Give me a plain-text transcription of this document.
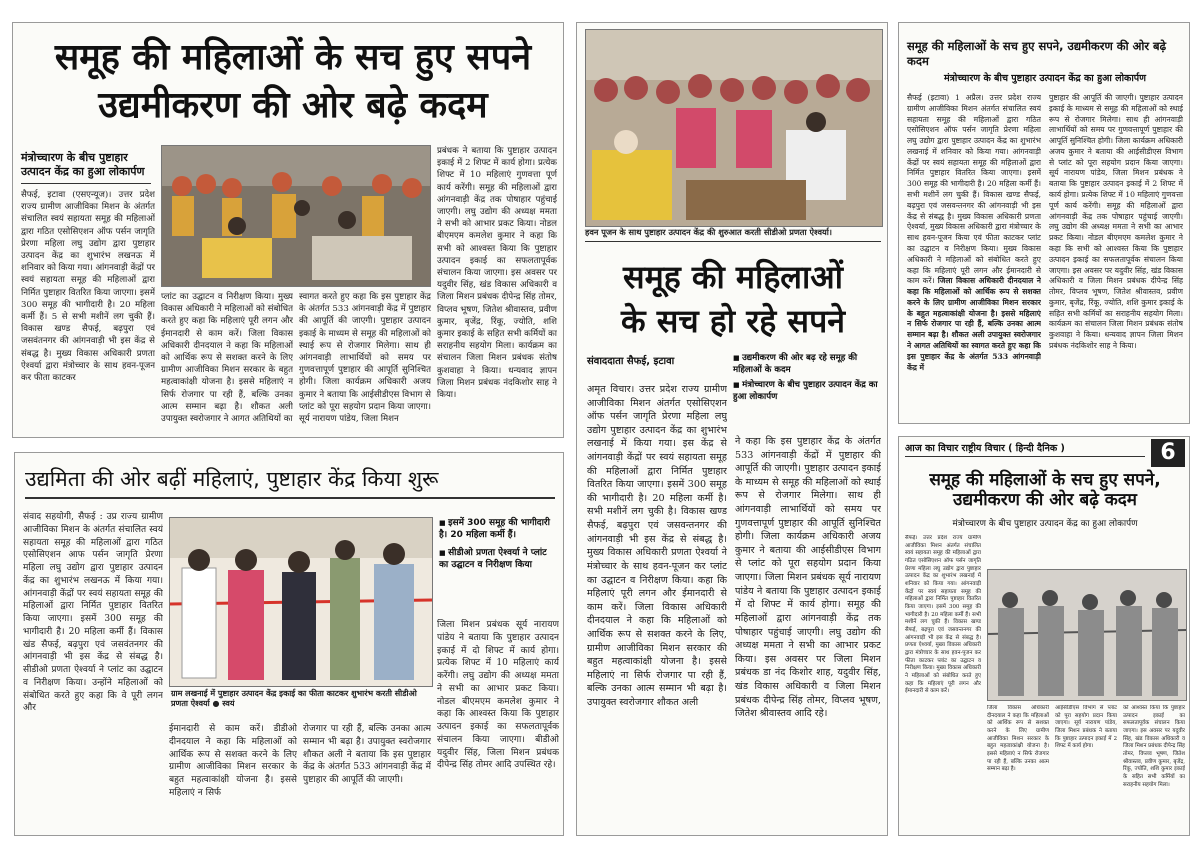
समूह की महिलाओं के सच हुए सपने
उद्यमीकरण की ओर बढ़े कदम
मंत्रोच्चारण के बीच पुष्टाहार उत्पादन केंद्र का हुआ लोकार्पण
सैफई, इटावा (एसएन्यूज)। उत्तर प्रदेश राज्य ग्रामीण आजीविका मिशन के अंतर्गत संचालित स्वयं सहायता समूह की महिलाओं द्वारा गठित एसोसिएशन ऑफ पर्सन जागृति प्रेरणा महिला लघु उद्योग द्वारा पुष्टाहार उत्पादन केंद्र का शुभारंभ लखनऊ में शनिवार को किया गया। आंगनवाड़ी केंद्रों पर स्वयं सहायता समूह की महिलाओं द्वारा निर्मित पुष्टाहार वितरित किया जाएगा। इसमें 300 समूह की भागीदारी है। 20 महिला कर्मी हैं। 5 से सभी मशीनें लग चुकी हैं। विकास खण्ड सैफई, बढ़पुरा एवं जसवंतनगर की आंगनवाड़ी भी इस केंद्र से संबद्ध है। मुख्य विकास अधिकारी प्रणता ऐश्वर्या द्वारा मंत्रोच्चार के साथ हवन-पूजन कर फीता काटकर
प्लांट का उद्घाटन व निरीक्षण किया। मुख्य विकास अधिकारी ने महिलाओं को संबोधित करते हुए कहा कि महिलाएं पूरी लगन और ईमानदारी से काम करें। जिला विकास अधिकारी दीनदयाल ने कहा कि महिलाओं को आर्थिक रूप से सशक्त करने के लिए ग्रामीण आजीविका मिशन सरकार के बहुत महत्वाकांक्षी योजना है। इससे महिलाएं न सिर्फ रोजगार पा रही हैं, बल्कि उनका आत्म सम्मान बढ़ा है। शौकत अली उपायुक्त स्वरोजगार ने आगत अतिथियों का
स्वागत करते हुए कहा कि इस पुष्टाहार केंद्र के अंतर्गत 533 आंगनवाड़ी केंद्र में पुष्टाहार की आपूर्ति की जाएगी। पुष्टाहार उत्पादन इकाई के माध्यम से समूह की महिलाओं को स्थाई रूप से रोजगार मिलेगा। साथ ही आंगनवाड़ी लाभार्थियों को समय पर गुणवत्तापूर्ण पुष्टाहार की आपूर्ति सुनिश्चित होगी। जिला कार्यक्रम अधिकारी अजय कुमार ने बताया कि आईसीडीएस विभाग से प्लांट को पूरा सहयोग प्रदान किया जाएगा। सूर्य नारायण पांडेय, जिला मिशन
प्रबंधक ने बताया कि पुष्टाहार उत्पादन इकाई में 2 शिफ्ट में कार्य होगा। प्रत्येक शिफ्ट में 10 महिलाएं गुणवत्ता पूर्ण कार्य करेंगी। समूह की महिलाओं द्वारा आंगनवाड़ी केंद्र तक पोषाहार पहुंचाई जाएगी। लघु उद्योग की अध्यक्ष ममता ने सभी को आभार प्रकट किया। नोडल बीएमएम कमलेश कुमार ने कहा कि सभी को आश्वस्त किया कि पुष्टाहार उत्पादन इकाई का सफलतापूर्वक संचालन किया जाएगा। इस अवसर पर यदुवीर सिंह, खंड विकास अधिकारी व जिला मिशन प्रबंधक दीपेन्द्र सिंह तोमर, विप्लव भूषण, जितेश श्रीवास्तव, प्रवीण कुमार, बृजेंद्र, रिंकू, ज्योति, शशि कुमार इकाई के सहित सभी कर्मियों का सराहनीय सहयोग मिला। कार्यक्रम का संचालन जिला मिशन प्रबंधक संतोष कुशवाहा ने किया। धन्यवाद ज्ञापन जिला मिशन प्रबंधक नंदकिशोर साह ने किया।
उद्यमिता की ओर बढ़ीं महिलाएं, पुष्टाहार केंद्र किया शुरू
संवाद सहयोगी, सैफई : उप्र राज्य ग्रामीण आजीविका मिशन के अंतर्गत संचालित स्वयं सहायता समूह की महिलाओं द्वारा गठित एसोसिएशन आफ पर्सन जागृति प्रेरणा महिला लघु उद्योग द्वारा पुष्टाहार उत्पादन केंद्र का शुभारंभ लखनऊ में किया गया। आंगनवाड़ी केंद्रों पर स्वयं सहायता समूह की महिलाओं द्वारा निर्मित पुष्टाहार वितरित किया जाएगा। इसमें 300 समूह की भागीदारी है। 20 महिला कर्मी हैं। विकास खंड सैफई, बढ़पुरा एवं जसवंतनगर की आंगनवाड़ी भी इस केंद्र से संबद्ध है। सीडीओ प्रणता ऐश्वर्या ने प्लांट का उद्घाटन व निरीक्षण किया। उन्होंने महिलाओं को संबोधित करते हुए कहा कि वे पूरी लगन और
ग्राम लखनाई में पुष्टाहार उत्पादन केंद्र इकाई का फीता काटकर शुभारंभ करती सीडीओ प्रणता ऐश्वर्या ● स्वयं
■ इसमें 300 समूह की भागीदारी है। 20 महिला कर्मी हैं।
■ सीडीओ प्रणता ऐश्वर्या ने प्लांट का उद्घाटन व निरीक्षण किया
ईमानदारी से काम करें। डीडीओ दीनदयाल ने कहा कि महिलाओं को आर्थिक रूप से सशक्त करने के लिए ग्रामीण आजीविका मिशन सरकार के बहुत महत्वाकांक्षी योजना है। इससे महिलाएं न सिर्फ
रोजगार पा रही हैं, बल्कि उनका आत्म सम्मान भी बढ़ा है। उपायुक्त स्वरोजगार शौकत अली ने बताया कि इस पुष्टाहार केंद्र के अंतर्गत 533 आंगनवाड़ी केंद्र में पुष्टाहार की आपूर्ति की जाएगी।
जिला मिशन प्रबंधक सूर्य नारायण पांडेय ने बताया कि पुष्टाहार उत्पादन इकाई में दो शिफ्ट में कार्य होगा। प्रत्येक शिफ्ट में 10 महिलाएं कार्य करेंगी। लघु उद्योग की अध्यक्ष ममता ने सभी का आभार प्रकट किया। नोडल बीएमएम कमलेश कुमार ने कहा कि आश्वस्त किया कि पुष्टाहार उत्पादन इकाई का सफलतापूर्वक संचालन किया जाएगा। बीडीओ यदुवीर सिंह, जिला मिशन प्रबंधक दीपेन्द्र सिंह तोमर आदि उपस्थित रहे।
हवन पूजन के साथ पुष्टाहार उत्पादन केंद्र की शुरुआत करती सीडीओ प्रणता ऐश्वर्या।
समूह की महिलाओं
के सच हो रहे सपने
संवाददाता सैफई, इटावा
■	उद्यमीकरण की ओर बढ़ रहे समूह की महिलाओं के कदम
■ मंत्रोच्चारण के बीच पुष्टाहार उत्पादन केंद्र का हुआ लोकार्पण
अमृत विचार। उत्तर प्रदेश राज्य ग्रामीण आजीविका मिशन अंतर्गत एसोसिएशन ऑफ पर्सन जागृति प्रेरणा महिला लघु उद्योग पुष्टाहार उत्पादन केंद्र का शुभारंभ लखनाई में किया गया। इस केंद्र से आंगनवाड़ी केंद्रों पर स्वयं सहायता समूह की महिलाओं द्वारा निर्मित पुष्टाहार वितरित किया जाएगा। इसमें 300 समूह की भागीदारी है। 20 महिला कर्मी है। सभी मशीनें लग चुकी है। विकास खण्ड सैफई, बढ़पुरा एवं जसवन्तनगर की आंगनवाड़ी भी इस केंद्र से संबद्ध है। मुख्य विकास अधिकारी प्रणता ऐश्वर्या ने मंत्रोच्चार के साथ हवन-पूजन कर प्लांट का उद्घाटन व निरीक्षण किया। कहा कि महिलाएं पूरी लगन और ईमानदारी से काम करें। जिला विकास अधिकारी दीनदयाल ने कहा कि महिलाओं को आर्थिक रूप से सशक्त करने के लिए, ग्रामीण आजीविका मिशन सरकार की बहुत महत्वाकांक्षी योजना है। इससे महिलाएं ना सिर्फ रोजगार पा रही हैं, बल्कि उनका आत्म सम्मान भी बढ़ा है। उपायुक्त स्वरोजगार शौकत अली
ने कहा कि इस पुष्टाहार केंद्र के अंतर्गत 533 आंगनवाड़ी केंद्रों में पुष्टाहार की आपूर्ति की जाएगी। पुष्टाहार उत्पादन इकाई के माध्यम से समूह की महिलाओं को स्थाई रूप से रोजगार मिलेगा। साथ ही आंगनवाड़ी लाभार्थियों को समय पर गुणवत्तापूर्ण पुष्टाहार की आपूर्ति सुनिश्चित होगी। जिला कार्यक्रम अधिकारी अजय कुमार ने बताया की आईसीडीएस विभाग से प्लांट को पूरा सहयोग प्रदान किया जाएगा। जिला मिशन प्रबंधक सूर्य नारायण पांडेय ने बताया कि पुष्टाहार उत्पादन इकाई में दो शिफ्ट में कार्य होगा। समूह की महिलाओं द्वारा आंगनवाड़ी केंद्र तक पोषाहार पहुंचाई जाएगी। लघु उद्योग की अध्यक्ष ममता ने सभी का आभार प्रकट किया। इस अवसर पर जिला मिशन प्रबंधक डा नंद किशोर शाह, यदुवीर सिंह, खंड विकास अधिकारी व जिला मिशन प्रबंधक दीपेन्द्र सिंह तोमर, विप्लव भूषण, जितेश श्रीवास्तव आदि रहे।
समूह की महिलाओं के सच हुए सपने, उद्यमीकरण की ओर बढ़े कदम
मंत्रोच्चारण के बीच पुष्टाहार उत्पादन केंद्र का हुआ लोकार्पण
सैफई (इटावा) 1 अप्रैल। उत्तर प्रदेश राज्य ग्रामीण आजीविका मिशन अंतर्गत संचालित स्वयं सहायता समूह की महिलाओं द्वारा गठित एसोसिएशन ऑफ पर्सन जागृति प्रेरणा महिला लघु उद्योग द्वारा पुष्टाहार उत्पादन केंद्र का शुभारंभ लखनाई में शनिवार को किया गया। आंगनवाड़ी केंद्रों पर स्वयं सहायता समूह की महिलाओं द्वारा निर्मित पुष्टाहार वितरित किया जाएगा। इसमें 300 समूह की भागीदारी है। 20 महिला कर्मी हैं। सभी मशीनें लग चुकी हैं। विकास खण्ड सैफई, बढ़पुरा एवं जसवन्तनगर की आंगनवाड़ी भी इस केंद्र से संबद्ध है। मुख्य विकास अधिकारी प्रणता ऐश्वर्या, मुख्य विकास अधिकारी द्वारा मंत्रोच्चार के साथ हवन-पूजन किया एवं फीता काटकर प्लांट का उद्घाटन व निरीक्षण किया। मुख्य विकास अधिकारी ने महिलाओं को संबोधित करते हुए कहा कि महिलाएं पूरी लगन और ईमानदारी से काम करें। जिला विकास अधिकारी दीनदयाल ने कहा कि महिलाओं को आर्थिक रूप से सशक्त करने के लिए ग्रामीण आजीविका मिशन सरकार के बहुत महत्वाकांक्षी योजना है। इससे महिलाएं न सिर्फ रोजगार पा रही हैं, बल्कि उनका आत्म सम्मान बढ़ा है। शौकत अली उपायुक्त स्वरोजगार ने आगत अतिथियों का स्वागत करते हुए कहा कि इस पुष्टाहार केंद्र के अंतर्गत 533 आंगनवाड़ी केंद्र में
पुष्टाहार की आपूर्ति की जाएगी। पुष्टाहार उत्पादन इकाई के माध्यम से समूह की महिलाओं को स्थाई रूप से रोजगार मिलेगा। साथ ही आंगनवाड़ी लाभार्थियों को समय पर गुणवत्तापूर्ण पुष्टाहार की आपूर्ति सुनिश्चित होगी। जिला कार्यक्रम अधिकारी अजय कुमार ने बताया की आईसीडीएस विभाग से प्लांट को पूरा सहयोग प्रदान किया जाएगा। सूर्य नारायण पांडेय, जिला मिशन प्रबंधक ने बताया कि पुष्टाहार उत्पादन इकाई में 2 शिफ्ट में कार्य होगा। प्रत्येक शिफ्ट में 10 महिलाएं गुणवत्ता पूर्ण कार्य करेंगी। समूह की महिलाओं द्वारा आंगनवाड़ी केंद्र तक पोषाहार पहुंचाई जाएगी। लघु उद्योग की अध्यक्ष ममता ने सभी का आभार प्रकट किया। नोडल बीएमएम कमलेश कुमार ने कहा कि सभी को आश्वस्त किया कि पुष्टाहार उत्पादन इकाई का सफलतापूर्वक संचालन किया जाएगा। इस अवसर पर यदुवीर सिंह, खंड विकास अधिकारी व जिला मिशन प्रबंधक दीपेन्द्र सिंह तोमर, विप्लव भूषण, जितेश श्रीवास्तव, प्रवीण कुमार, बृजेंद्र, रिंकू, ज्योति, शशि कुमार इकाई के सहित सभी कर्मियों का सराहनीय सहयोग मिला। कार्यक्रम का संचालन जिला मिशन प्रबंधक संतोष कुशवाहा ने किया। धन्यवाद ज्ञापन जिला मिशन प्रबंधक नंदकिशोर साह ने किया।
आज का विचार राष्ट्रीय विचार ( हिन्दी दैनिक )	6
समूह की महिलाओं के सच हुए सपने, उद्यमीकरण की ओर बढ़े कदम
मंत्रोच्चारण के बीच पुष्टाहार उत्पादन केंद्र का हुआ लोकार्पण
सैफई। उत्तर प्रदेश राज्य ग्रामीण आजीविका मिशन अंतर्गत संचालित स्वयं सहायता समूह की महिलाओं द्वारा गठित एसोसिएशन ऑफ पर्सन जागृति प्रेरणा महिला लघु उद्योग द्वारा पुष्टाहार उत्पादन केंद्र का शुभारंभ लखनाई में शनिवार को किया गया। आंगनवाड़ी केंद्रों पर स्वयं सहायता समूह की महिलाओं द्वारा निर्मित पुष्टाहार वितरित किया जाएगा। इसमें 300 समूह की भागीदारी है। 20 महिला कर्मी हैं। सभी मशीनें लग चुकी हैं। विकास खण्ड सैफई, बढ़पुरा एवं जसवन्तनगर की आंगनवाड़ी भी इस केंद्र से संबद्ध है। प्रणता ऐश्वर्या, मुख्य विकास अधिकारी द्वारा मंत्रोच्चार के साथ हवन-पूजन कर फीता काटकर प्लांट का उद्घाटन व निरीक्षण किया। मुख्य विकास अधिकारी ने महिलाओं को संबोधित करते हुए कहा कि महिलाएं पूरी लगन और ईमानदारी से काम करें।
जिला विकास अधिकारी दीनदयाल ने कहा कि महिलाओं को आर्थिक रूप से सशक्त करने के लिए ग्रामीण आजीविका मिशन सरकार के बहुत महत्वाकांक्षी योजना है। इससे महिलाएं न सिर्फ रोजगार पा रही हैं, बल्कि उनका आत्म सम्मान बढ़ा है।
आईसीडीएस विभाग से प्लांट को पूरा सहयोग प्रदान किया जाएगा। सूर्य नारायण पांडेय, जिला मिशन प्रबंधक ने बताया कि पुष्टाहार उत्पादन इकाई में 2 शिफ्ट में कार्य होगा।
को आश्वस्त किया कि पुष्टाहार उत्पादन इकाई का सफलतापूर्वक संचालन किया जाएगा। इस अवसर पर यदुवीर सिंह, खंड विकास अधिकारी व जिला मिशन प्रबंधक दीपेन्द्र सिंह तोमर, विप्लव भूषण, जितेश श्रीवास्तव, प्रवीण कुमार, बृजेंद्र, रिंकू, ज्योति, शशि कुमार इकाई के सहित सभी कर्मियों का सराहनीय सहयोग मिला।
